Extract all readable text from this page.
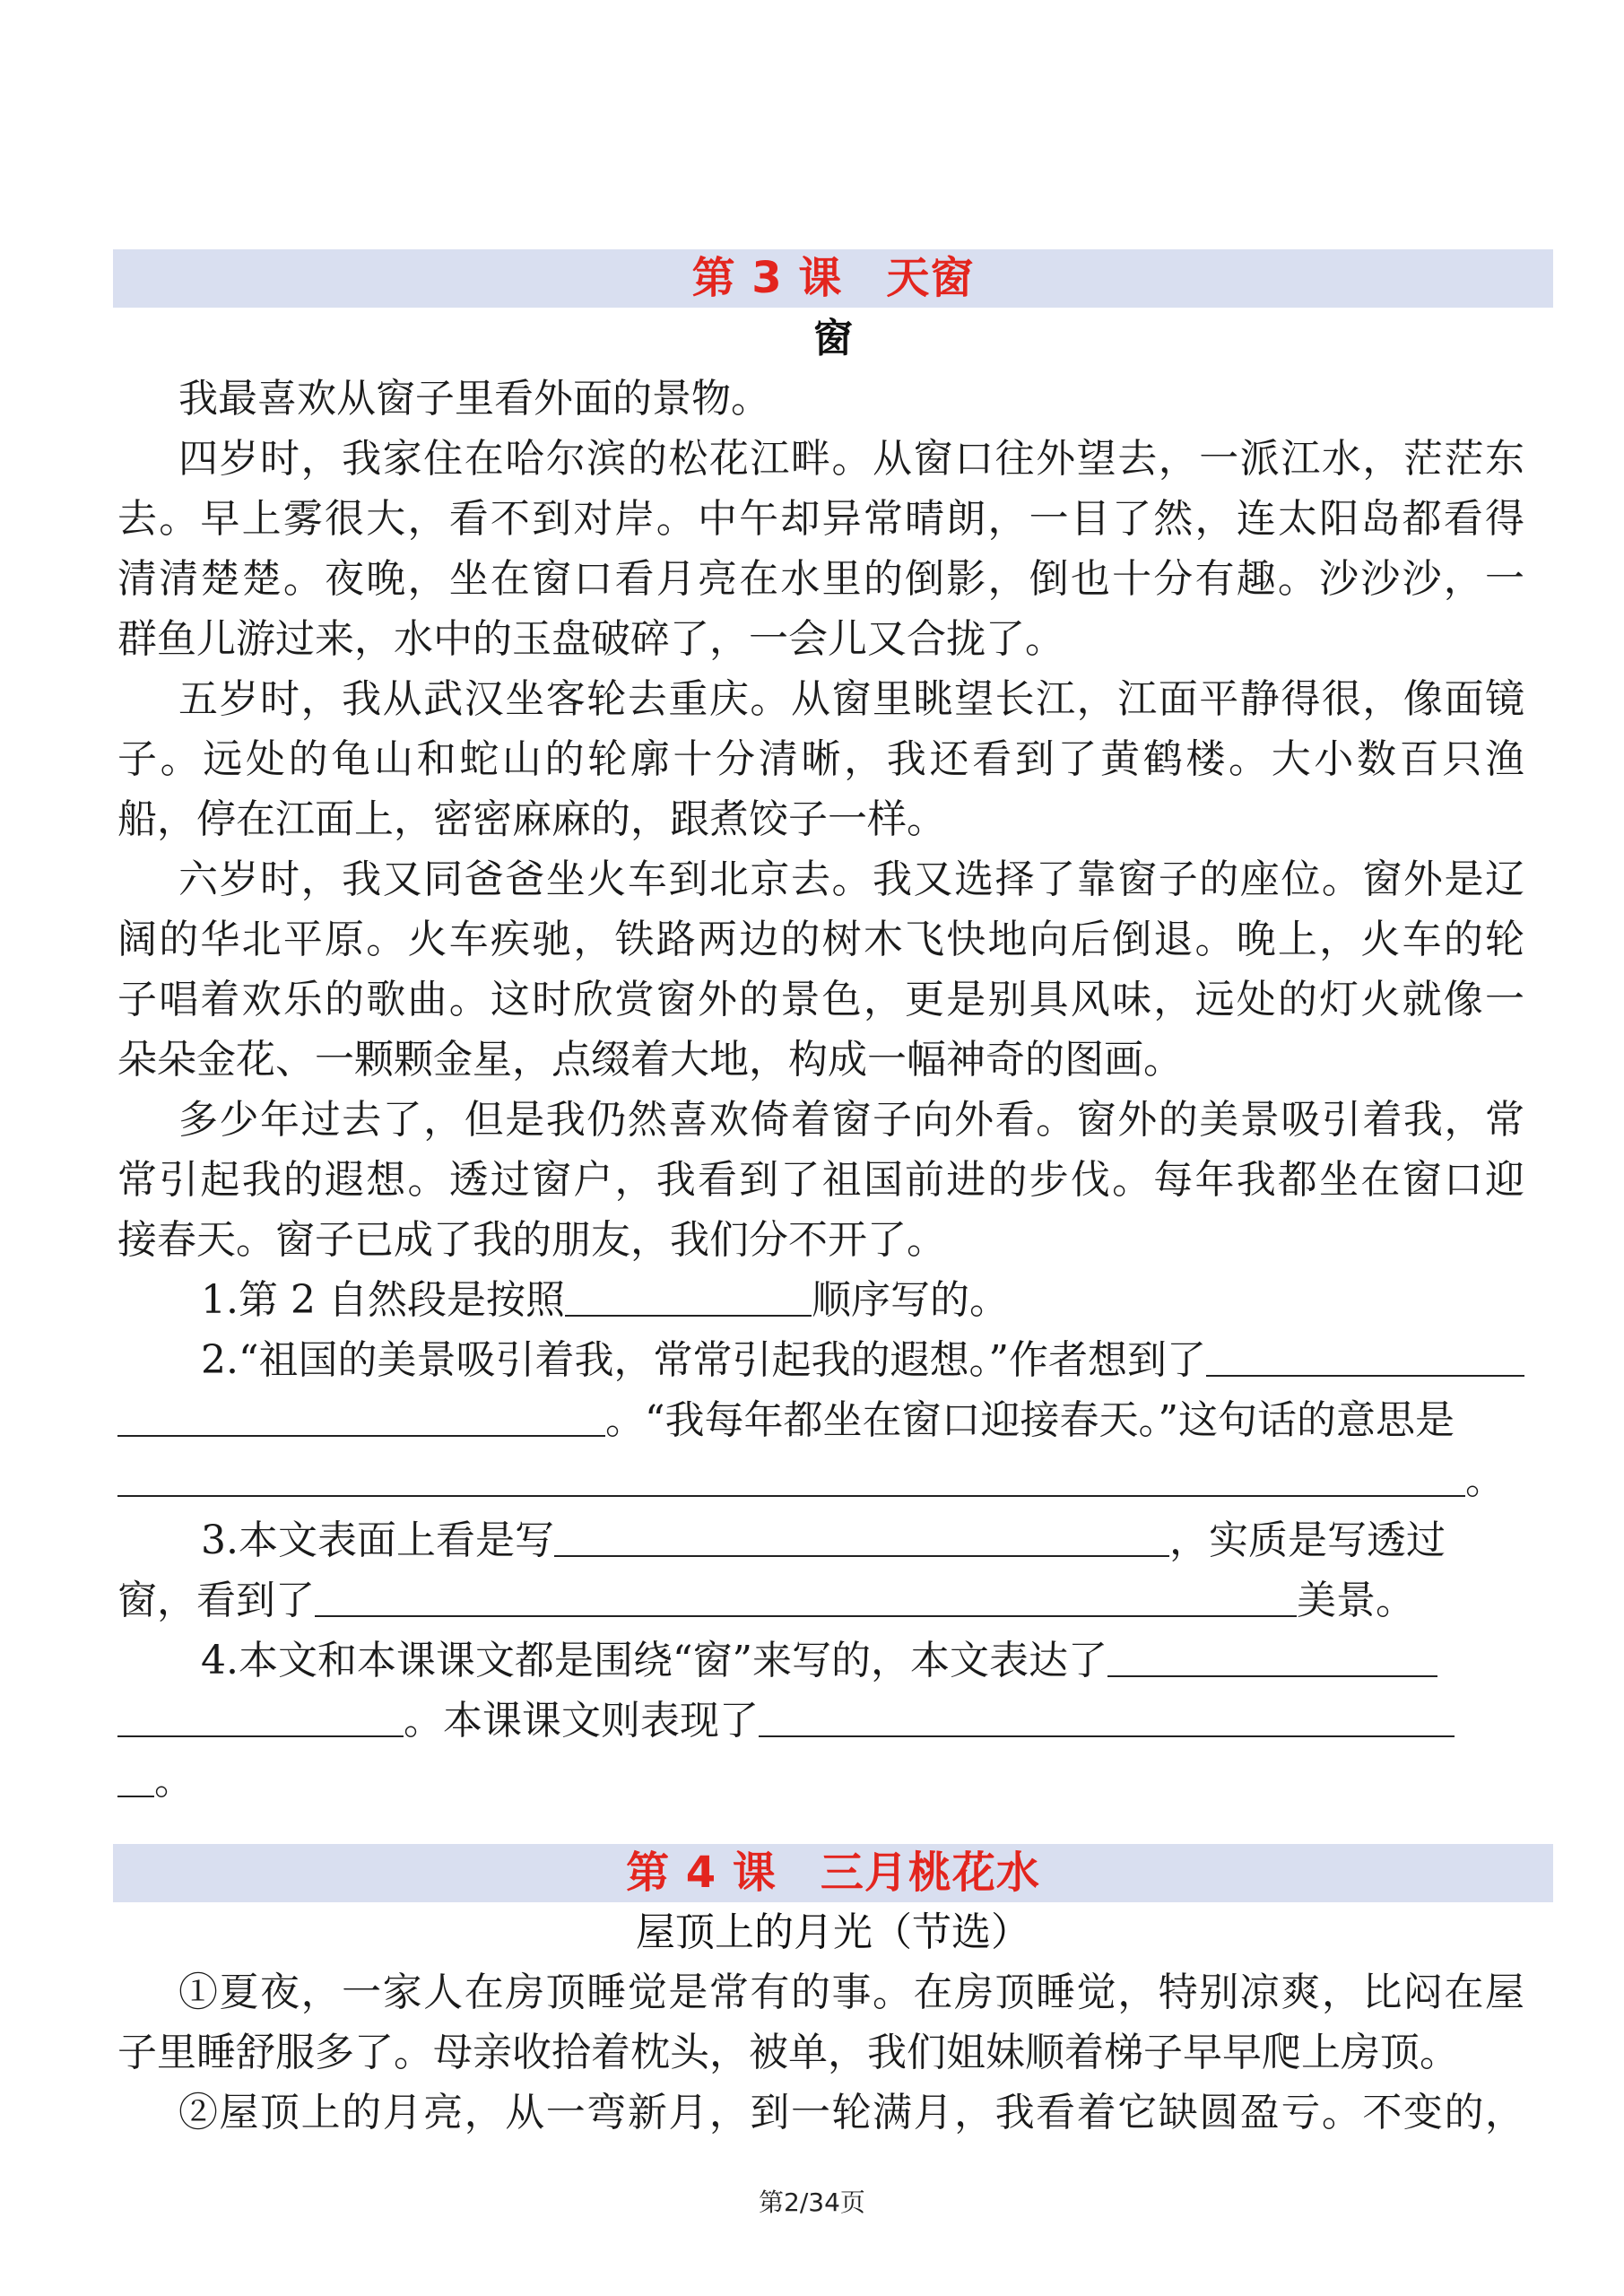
第 3 课　天窗
窗
我最喜欢从窗子里看外面的景物。
四岁时，我家住在哈尔滨的松花江畔。从窗口往外望去，一派江水，茫茫东
去。早上雾很大，看不到对岸。中午却异常晴朗，一目了然，连太阳岛都看得
清清楚楚。夜晚，坐在窗口看月亮在水里的倒影，倒也十分有趣。沙沙沙，一
群鱼儿游过来，水中的玉盘破碎了，一会儿又合拢了。
五岁时，我从武汉坐客轮去重庆。从窗里眺望长江，江面平静得很，像面镜
子。远处的龟山和蛇山的轮廓十分清晰，我还看到了黄鹤楼。大小数百只渔
船，停在江面上，密密麻麻的，跟煮饺子一样。
六岁时，我又同爸爸坐火车到北京去。我又选择了靠窗子的座位。窗外是辽
阔的华北平原。火车疾驰，铁路两边的树木飞快地向后倒退。晚上，火车的轮
子唱着欢乐的歌曲。这时欣赏窗外的景色，更是别具风味，远处的灯火就像一
朵朵金花、一颗颗金星，点缀着大地，构成一幅神奇的图画。
多少年过去了，但是我仍然喜欢倚着窗子向外看。窗外的美景吸引着我，常
常引起我的遐想。透过窗户，我看到了祖国前进的步伐。每年我都坐在窗口迎
接春天。窗子已成了我的朋友，我们分不开了。
1.第 2 自然段是按照	顺序写的。
2.“祖国的美景吸引着我，常常引起我的遐想。”作者想到了
。“我每年都坐在窗口迎接春天。”这句话的意思是
。
3.本文表面上看是写	，实质是写透过
窗，看到了	美景。
4.本文和本课课文都是围绕“窗”来写的，本文表达了
。本课课文则表现了
。
第 4 课　三月桃花水
屋顶上的月光（节选）
①夏夜，一家人在房顶睡觉是常有的事。在房顶睡觉，特别凉爽，比闷在屋
子里睡舒服多了。母亲收拾着枕头，被单，我们姐妹顺着梯子早早爬上房顶。
②屋顶上的月亮，从一弯新月，到一轮满月，我看着它缺圆盈亏。不变的，
第2/34页
